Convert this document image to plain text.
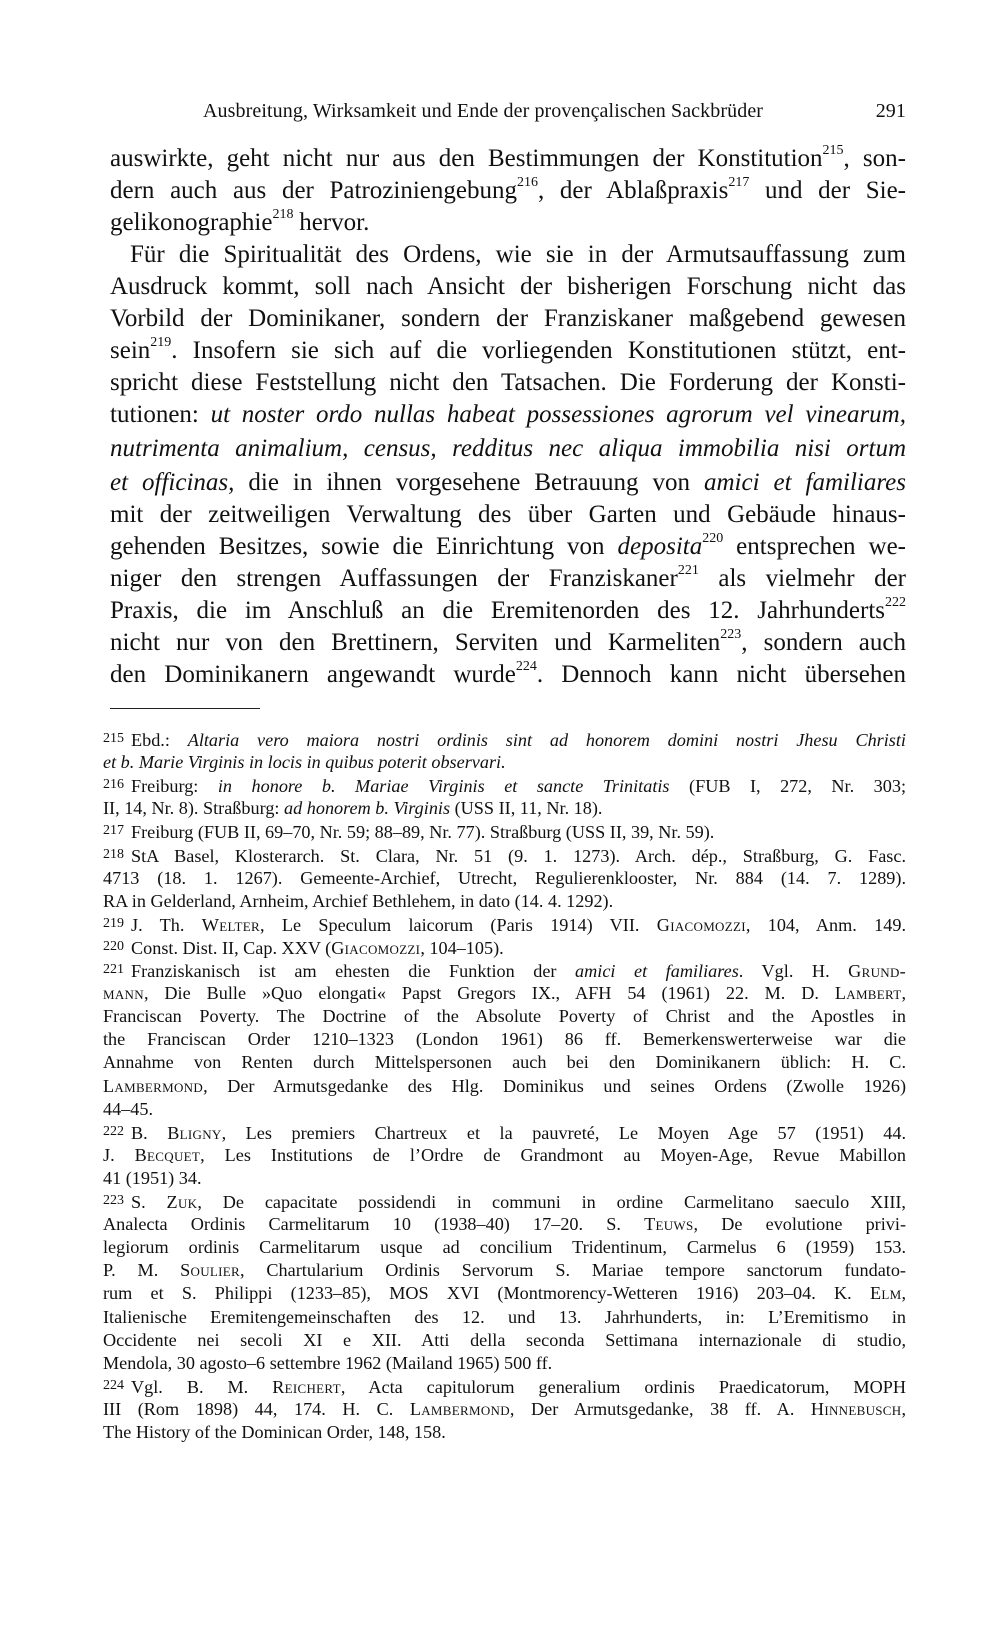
Ausbreitung, Wirksamkeit und Ende der provençalischen Sackbrüder	291
auswirkte, geht nicht nur aus den Bestimmungen der Konstitution$^{215}$, son-
dern auch aus der Patroziniengebung$^{216}$, der Ablaßpraxis$^{217}$ und der Sie-
gelikonographie$^{218}$ hervor.
Für die Spiritualität des Ordens, wie sie in der Armutsauffassung zum
Ausdruck kommt, soll nach Ansicht der bisherigen Forschung nicht das
Vorbild der Dominikaner, sondern der Franziskaner maßgebend gewesen
sein$^{219}$. Insofern sie sich auf die vorliegenden Konstitutionen stützt, ent-
spricht diese Feststellung nicht den Tatsachen. Die Forderung der Konsti-
tutionen: ut noster ordo nullas habeat possessiones agrorum vel vinearum,
nutrimenta animalium, census, redditus nec aliqua immobilia nisi ortum
et officinas, die in ihnen vorgesehene Betrauung von amici et familiares
mit der zeitweiligen Verwaltung des über Garten und Gebäude hinaus-
gehenden Besitzes, sowie die Einrichtung von deposita$^{220}$ entsprechen we-
niger den strengen Auffassungen der Franziskaner$^{221}$ als vielmehr der
Praxis, die im Anschluß an die Eremitenorden des 12. Jahrhunderts$^{222}$
nicht nur von den Brettinern, Serviten und Karmeliten$^{223}$, sondern auch
den Dominikanern angewandt wurde$^{224}$. Dennoch kann nicht übersehen
$^{215}$ Ebd.: Altaria vero maiora nostri ordinis sint ad honorem domini nostri Jhesu Christi
et b. Marie Virginis in locis in quibus poterit observari.
$^{216}$ Freiburg: in honore b. Mariae Virginis et sancte Trinitatis (FUB I, 272, Nr. 303;
II, 14, Nr. 8). Straßburg: ad honorem b. Virginis (USS II, 11, Nr. 18).
$^{217}$ Freiburg (FUB II, 69–70, Nr. 59; 88–89, Nr. 77). Straßburg (USS II, 39, Nr. 59).
$^{218}$ StA Basel, Klosterarch. St. Clara, Nr. 51 (9. 1. 1273). Arch. dép., Straßburg, G. Fasc.
4713 (18. 1. 1267). Gemeente-Archief, Utrecht, Regulierenklooster, Nr. 884 (14. 7. 1289).
RA in Gelderland, Arnheim, Archief Bethlehem, in dato (14. 4. 1292).
$^{219}$ J. Th. Welter, Le Speculum laicorum (Paris 1914) VII. Giacomozzi, 104, Anm. 149.
$^{220}$ Const. Dist. II, Cap. XXV (Giacomozzi, 104–105).
$^{221}$ Franziskanisch ist am ehesten die Funktion der amici et familiares. Vgl. H. Grund-
mann, Die Bulle »Quo elongati« Papst Gregors IX., AFH 54 (1961) 22. M. D. Lambert,
Franciscan Poverty. The Doctrine of the Absolute Poverty of Christ and the Apostles in
the Franciscan Order 1210–1323 (London 1961) 86 ff. Bemerkenswerterweise war die
Annahme von Renten durch Mittelspersonen auch bei den Dominikanern üblich: H. C.
Lambermond, Der Armutsgedanke des Hlg. Dominikus und seines Ordens (Zwolle 1926)
44–45.
$^{222}$ B. Bligny, Les premiers Chartreux et la pauvreté, Le Moyen Age 57 (1951) 44.
J. Becquet, Les Institutions de l’Ordre de Grandmont au Moyen-Age, Revue Mabillon
41 (1951) 34.
$^{223}$ S. Zuk, De capacitate possidendi in communi in ordine Carmelitano saeculo XIII,
Analecta Ordinis Carmelitarum 10 (1938–40) 17–20. S. Teuws, De evolutione privi-
legiorum ordinis Carmelitarum usque ad concilium Tridentinum, Carmelus 6 (1959) 153.
P. M. Soulier, Chartularium Ordinis Servorum S. Mariae tempore sanctorum fundato-
rum et S. Philippi (1233–85), MOS XVI (Montmorency-Wetteren 1916) 203–04. K. Elm,
Italienische Eremitengemeinschaften des 12. und 13. Jahrhunderts, in: L’Eremitismo in
Occidente nei secoli XI e XII. Atti della seconda Settimana internazionale di studio,
Mendola, 30 agosto–6 settembre 1962 (Mailand 1965) 500 ff.
$^{224}$ Vgl. B. M. Reichert, Acta capitulorum generalium ordinis Praedicatorum, MOPH
III (Rom 1898) 44, 174. H. C. Lambermond, Der Armutsgedanke, 38 ff. A. Hinnebusch,
The History of the Dominican Order, 148, 158.
